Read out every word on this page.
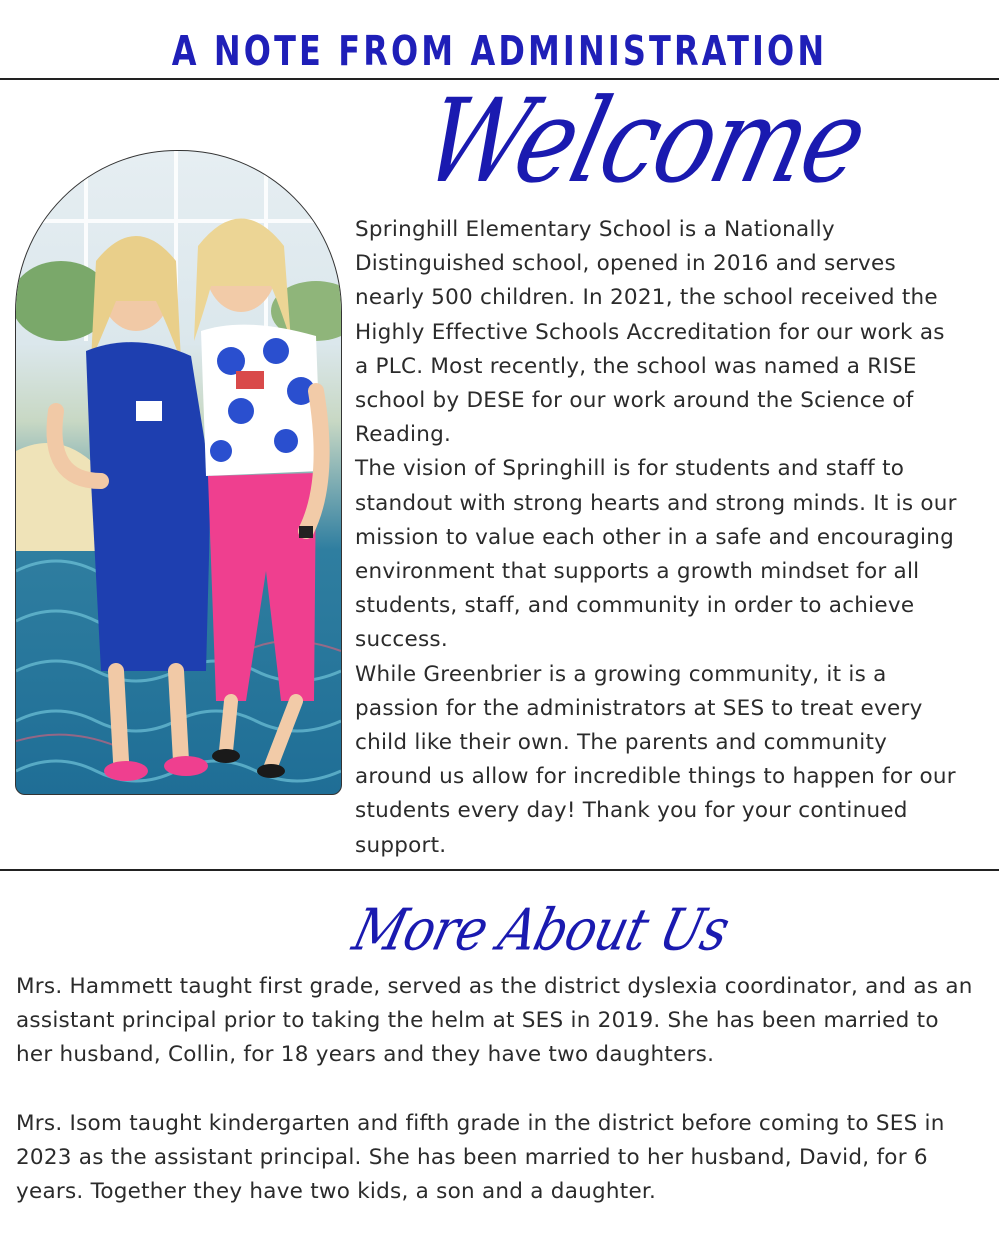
A NOTE FROM ADMINISTRATION
Welcome

Springhill Elementary School is a Nationally
Distinguished school, opened in 2016 and serves
nearly 500 children. In 2021, the school received the
Highly Effective Schools Accreditation for our work as
a PLC. Most recently, the school was named a RISE
school by DESE for our work around the Science of
Reading.

The vision of Springhill is for students and staff to
standout with strong hearts and strong minds. It is our
mission to value each other in a safe and encouraging
environment that supports a growth mindset for all
students, staff, and community in order to achieve
success.

While Greenbrier is a growing community, it is a
passion for the administrators at SES to treat every
child like their own. The parents and community
around us allow for incredible things to happen for our
students every day! Thank you for your continued
support.

More About Us

Mrs. Hammett taught first grade, served as the district dyslexia coordinator, and as an
assistant principal prior to taking the helm at SES in 2019. She has been married to
her husband, Collin, for 18 years and they have two daughters.

Mrs. Isom taught kindergarten and fifth grade in the district before coming to SES in
2023 as the assistant principal. She has been married to her husband, David, for 6
years. Together they have two kids, a son and a daughter.
